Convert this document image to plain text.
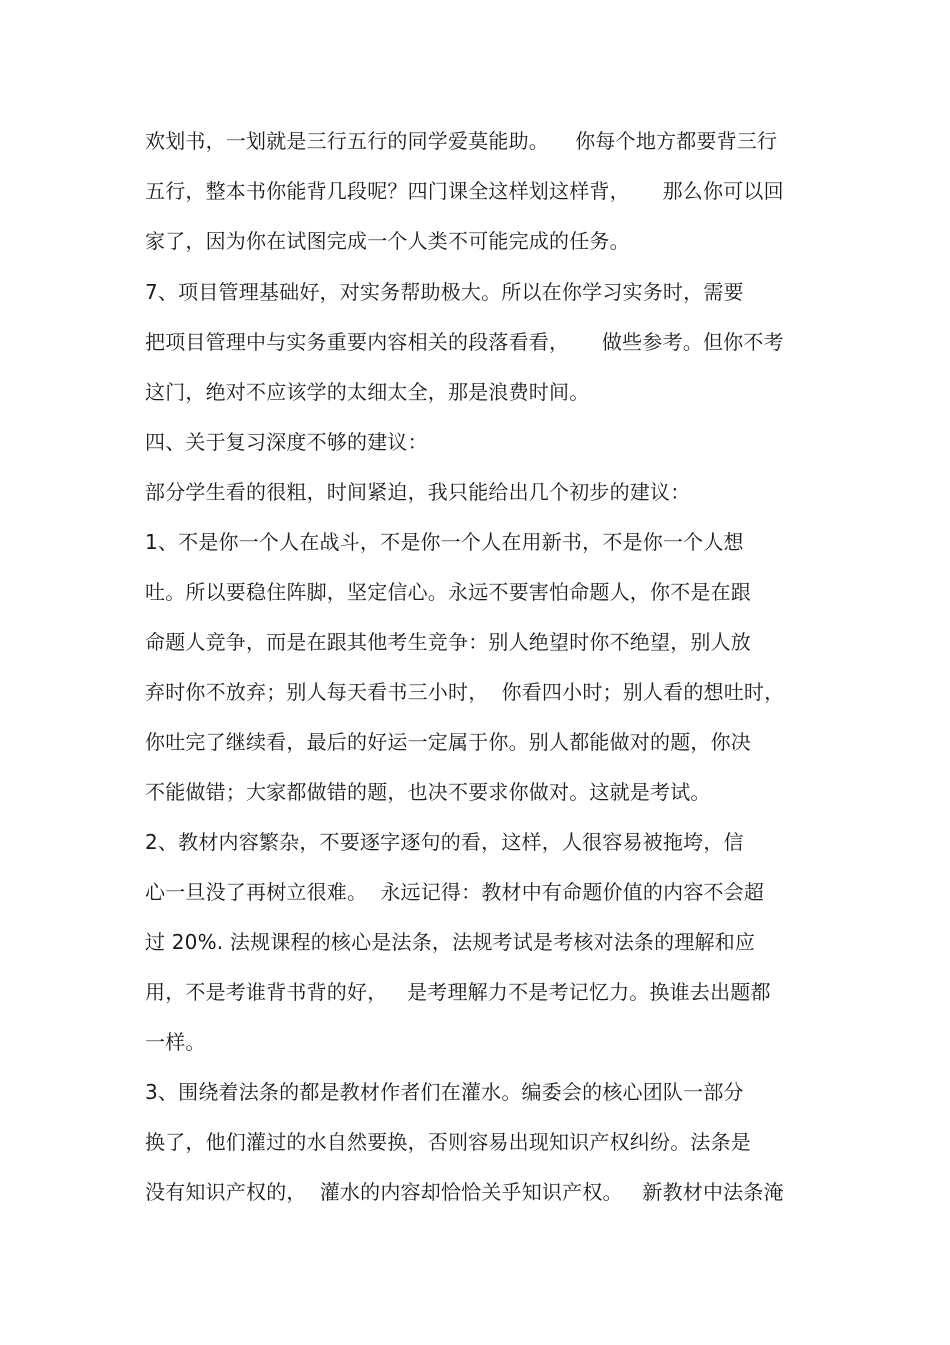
欢划书，一划就是三行五行的同学爱莫能助。    你每个地方都要背三行
五行，整本书你能背几段呢？四门课全这样划这样背，     那么你可以回
家了，因为你在试图完成一个人类不可能完成的任务。
7、项目管理基础好，对实务帮助极大。所以在你学习实务时，需要
把项目管理中与实务重要内容相关的段落看看，     做些参考。但你不考
这门，绝对不应该学的太细太全，那是浪费时间。
四、关于复习深度不够的建议：
部分学生看的很粗，时间紧迫，我只能给出几个初步的建议：
1、不是你一个人在战斗，不是你一个人在用新书，不是你一个人想
吐。所以要稳住阵脚，坚定信心。永远不要害怕命题人，你不是在跟
命题人竞争，而是在跟其他考生竞争：别人绝望时你不绝望，别人放
弃时你不放弃；别人每天看书三小时，  你看四小时；别人看的想吐时，
你吐完了继续看，最后的好运一定属于你。别人都能做对的题，你决
不能做错；大家都做错的题，也决不要求你做对。这就是考试。
2、教材内容繁杂，不要逐字逐句的看，这样，人很容易被拖垮，信
心一旦没了再树立很难。  永远记得：教材中有命题价值的内容不会超
过 20%. 法规课程的核心是法条，法规考试是考核对法条的理解和应
用，不是考谁背书背的好，   是考理解力不是考记忆力。换谁去出题都
一样。
3、围绕着法条的都是教材作者们在灌水。编委会的核心团队一部分
换了，他们灌过的水自然要换，否则容易出现知识产权纠纷。法条是
没有知识产权的，  灌水的内容却恰恰关乎知识产权。   新教材中法条淹
